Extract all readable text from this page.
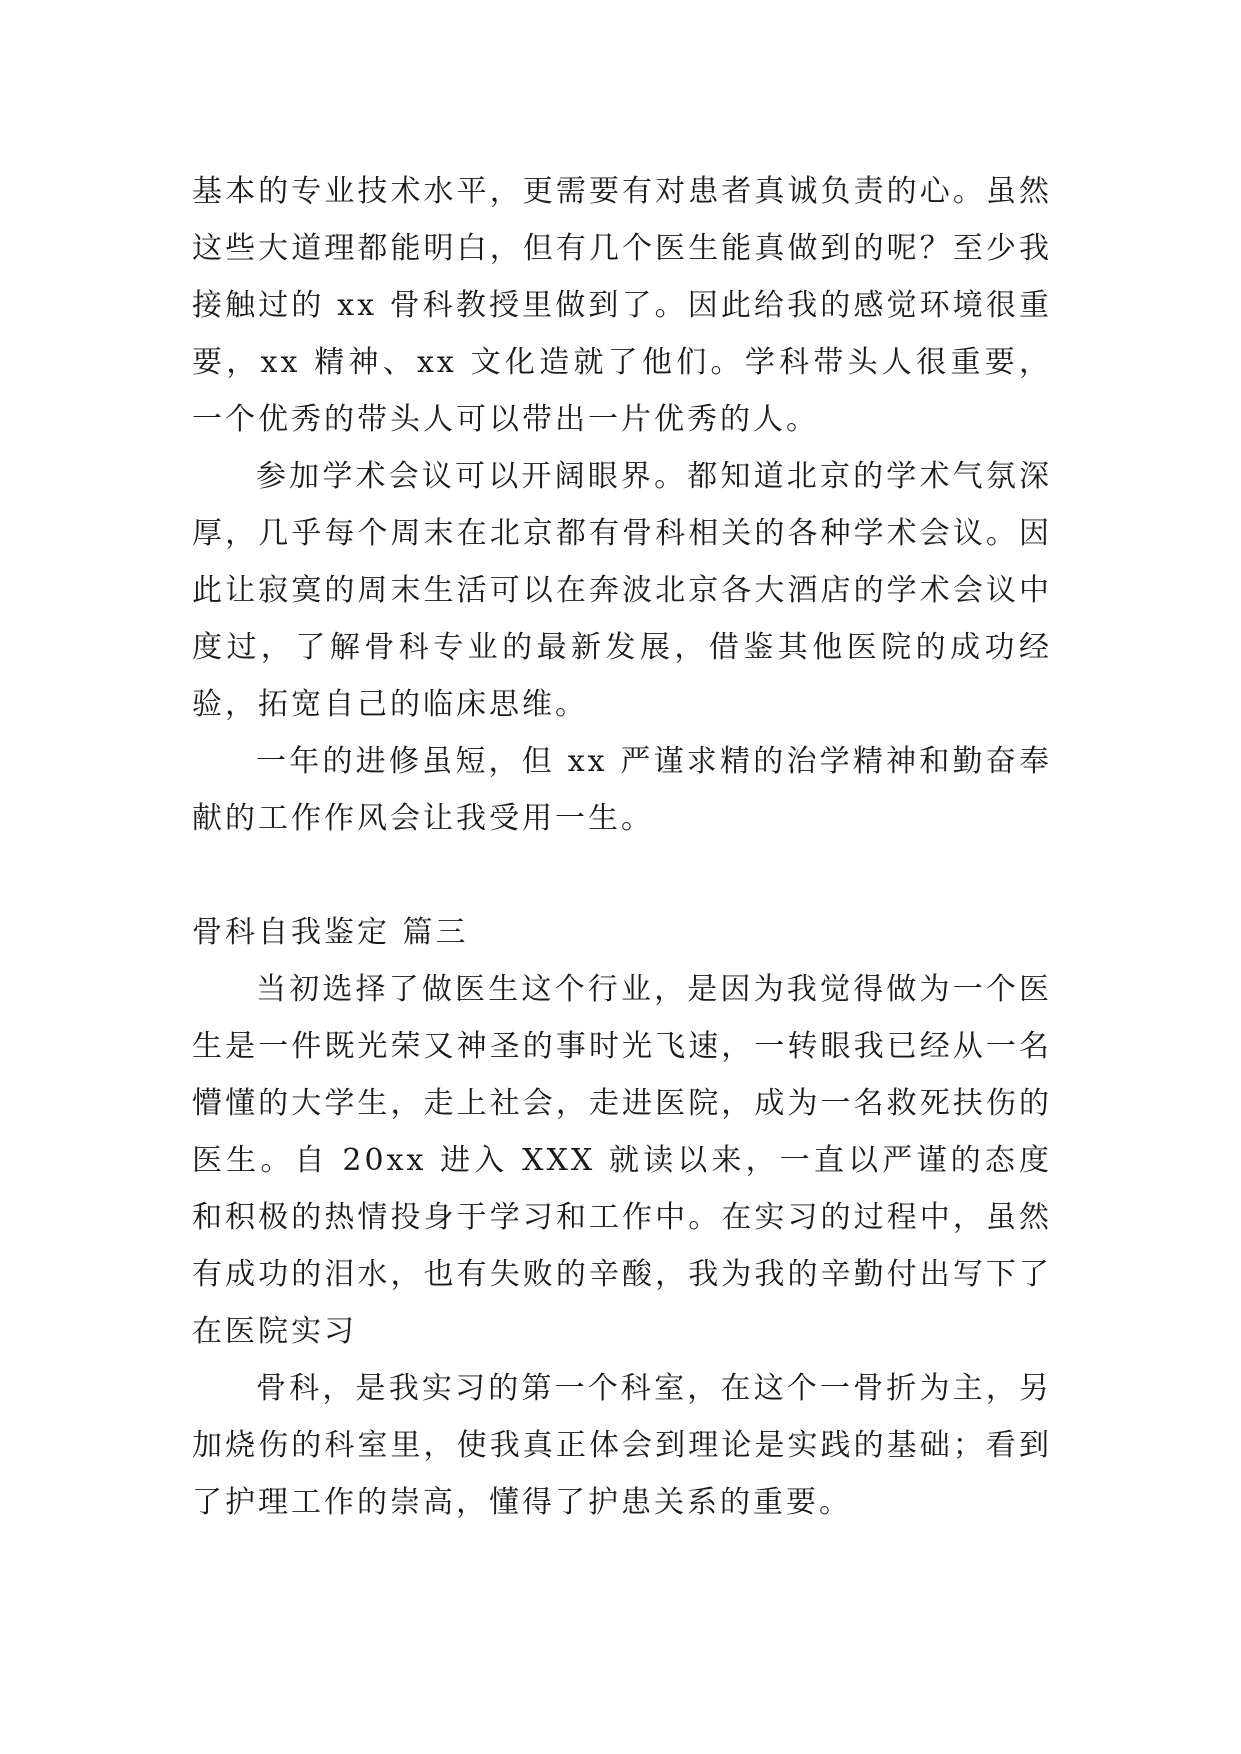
基本的专业技术水平，更需要有对患者真诚负责的心。虽然这些大道理都能明白，但有几个医生能真做到的呢？至少我接触过的 xx 骨科教授里做到了。因此给我的感觉环境很重要，xx 精神、xx 文化造就了他们。学科带头人很重要，一个优秀的带头人可以带出一片优秀的人。

参加学术会议可以开阔眼界。都知道北京的学术气氛深厚，几乎每个周末在北京都有骨科相关的各种学术会议。因此让寂寞的周末生活可以在奔波北京各大酒店的学术会议中度过，了解骨科专业的最新发展，借鉴其他医院的成功经验，拓宽自己的临床思维。

一年的进修虽短，但 xx 严谨求精的治学精神和勤奋奉献的工作作风会让我受用一生。

骨科自我鉴定 篇三

当初选择了做医生这个行业，是因为我觉得做为一个医生是一件既光荣又神圣的事时光飞速，一转眼我已经从一名懵懂的大学生，走上社会，走进医院，成为一名救死扶伤的医生。自 20xx 进入 XXX 就读以来，一直以严谨的态度和积极的热情投身于学习和工作中。在实习的过程中，虽然有成功的泪水，也有失败的辛酸，我为我的辛勤付出写下了在医院实习

骨科，是我实习的第一个科室，在这个一骨折为主，另加烧伤的科室里，使我真正体会到理论是实践的基础；看到了护理工作的崇高，懂得了护患关系的重要。
